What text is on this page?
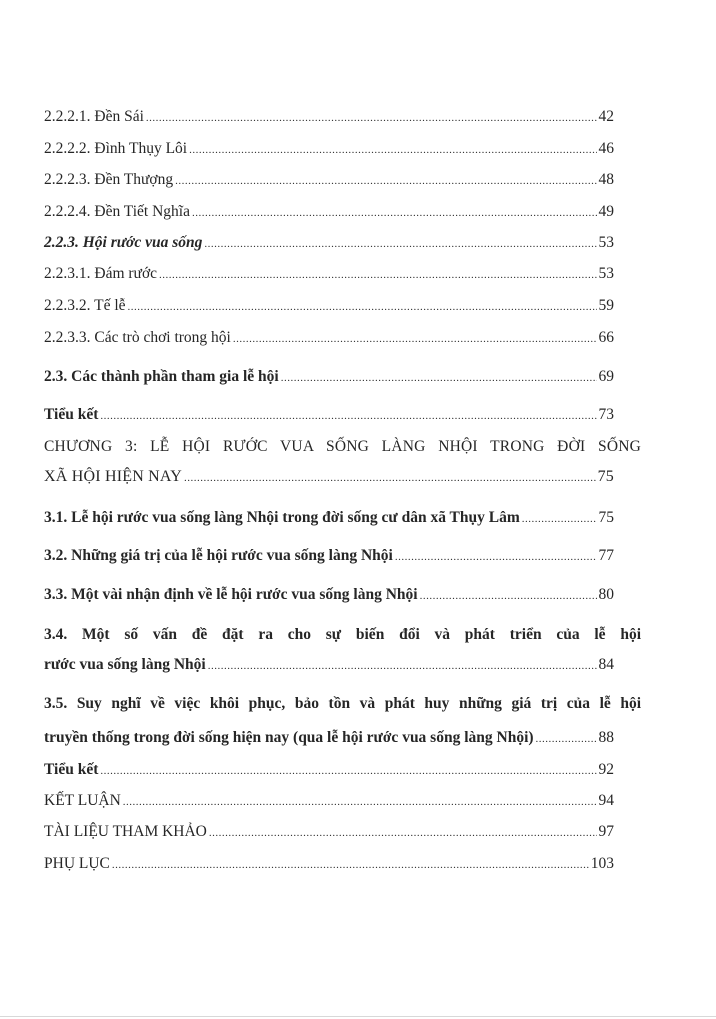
2.2.2.1. Đền Sái .....	42
2.2.2.2. Đình Thụy Lôi .....	46
2.2.2.3. Đền Thượng .....	48
2.2.2.4. Đền Tiết Nghĩa .....	49
2.2.3. Hội rước vua sống .....	53
2.2.3.1. Đám rước .....	53
2.2.3.2. Tế lễ .....	59
2.2.3.3. Các trò chơi trong hội .....	66
2.3. Các thành phần tham gia lễ hội .....	69
Tiểu kết .....	73
CHƯƠNG 3: LỄ HỘI RƯỚC VUA SỐNG LÀNG NHỘI TRONG ĐỜI SỐNG
XÃ HỘI HIỆN NAY .....	75
3.1. Lễ hội rước vua sống làng Nhội trong đời sống cư dân xã Thụy Lâm .....	75
3.2. Những giá trị của lễ hội rước vua sống làng Nhội .....	77
3.3. Một vài nhận định về lễ hội rước vua sống làng Nhội .....	80
3.4. Một số vấn đề đặt ra cho sự biến đổi và phát triển của lễ hội
rước vua sống làng Nhội .....	84
3.5. Suy nghĩ về việc khôi phục, bảo tồn và phát huy những giá trị của lễ hội
truyền thống trong đời sống hiện nay (qua lễ hội rước vua sống làng Nhội) .....	88
Tiểu kết .....	92
KẾT LUẬN .....	94
TÀI LIỆU THAM KHẢO .....	97
PHỤ LỤC .....	103
